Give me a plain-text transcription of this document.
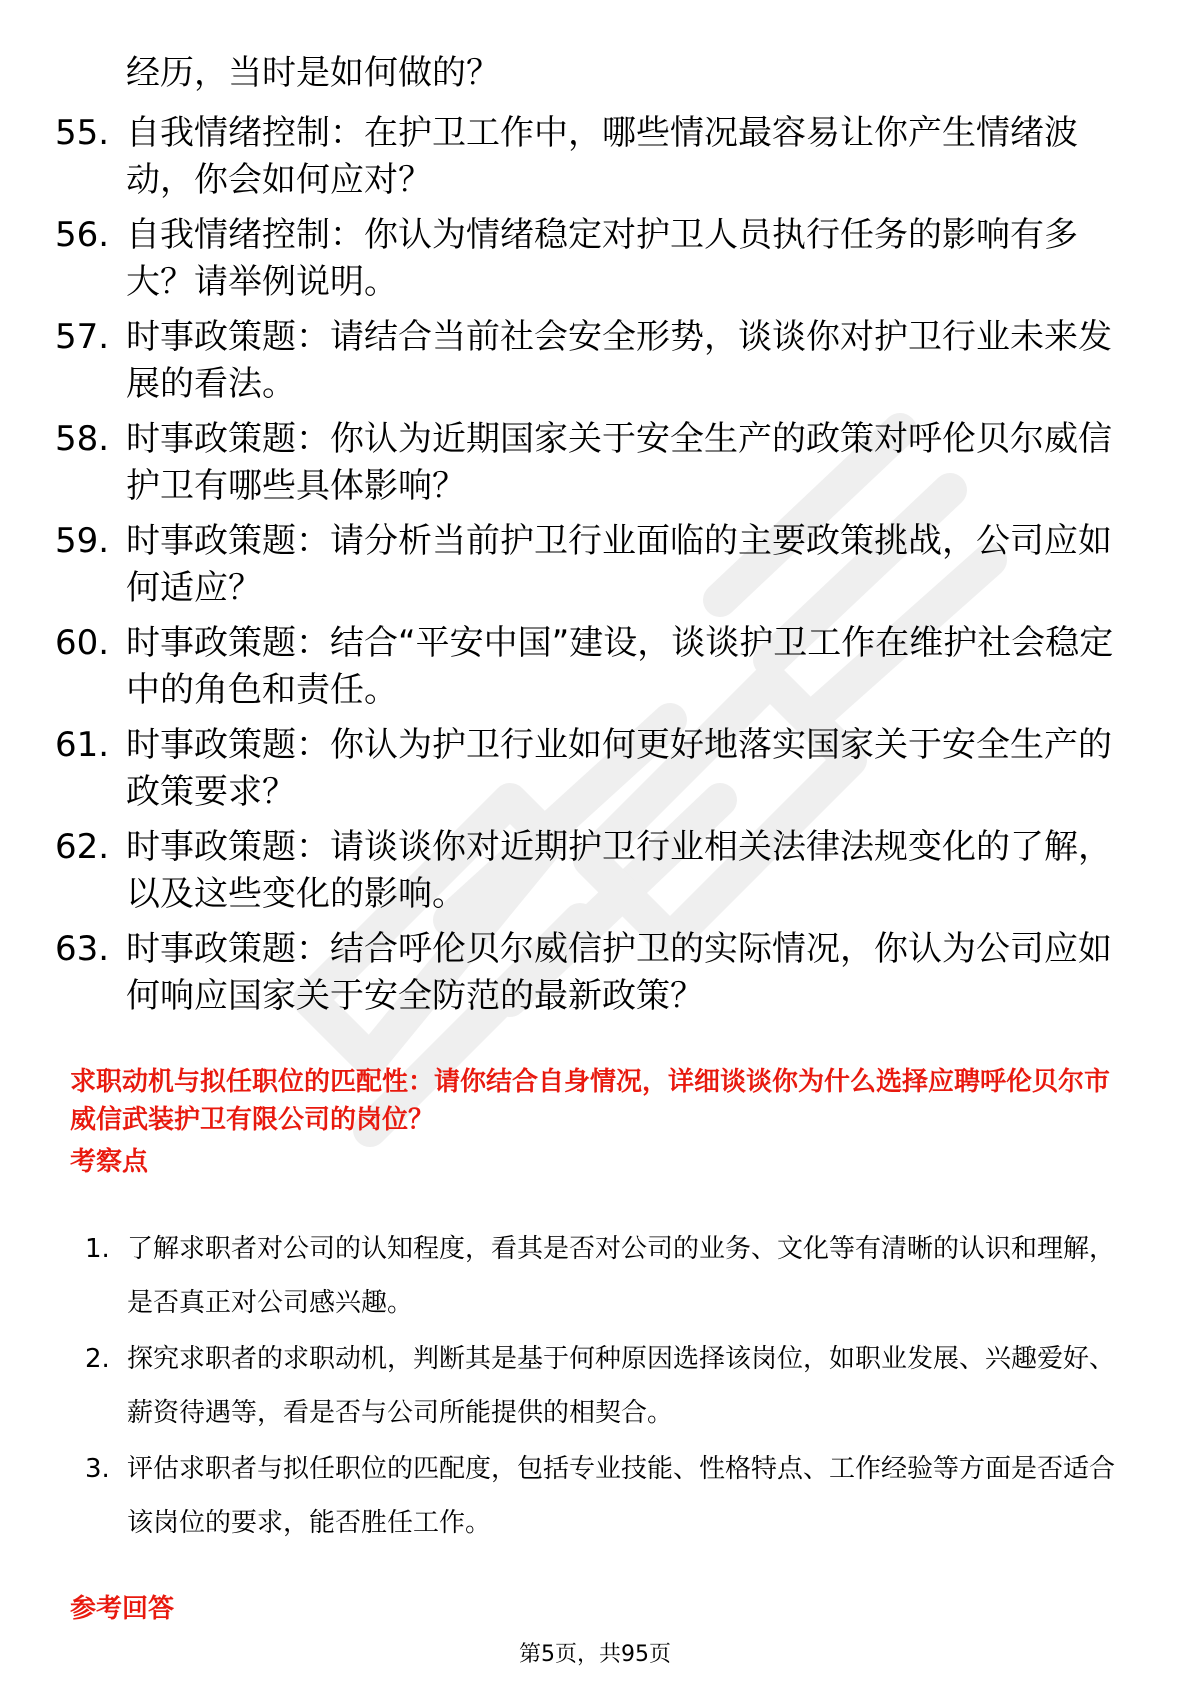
经历，当时是如何做的？
55. 自我情绪控制：在护卫工作中，哪些情况最容易让你产生情绪波动，你会如何应对？
56. 自我情绪控制：你认为情绪稳定对护卫人员执行任务的影响有多大？请举例说明。
57. 时事政策题：请结合当前社会安全形势，谈谈你对护卫行业未来发展的看法。
58. 时事政策题：你认为近期国家关于安全生产的政策对呼伦贝尔威信护卫有哪些具体影响？
59. 时事政策题：请分析当前护卫行业面临的主要政策挑战，公司应如何适应？
60. 时事政策题：结合“平安中国”建设，谈谈护卫工作在维护社会稳定中的角色和责任。
61. 时事政策题：你认为护卫行业如何更好地落实国家关于安全生产的政策要求？
62. 时事政策题：请谈谈你对近期护卫行业相关法律法规变化的了解，以及这些变化的影响。
63. 时事政策题：结合呼伦贝尔威信护卫的实际情况，你认为公司应如何响应国家关于安全防范的最新政策？
求职动机与拟任职位的匹配性：请你结合自身情况，详细谈谈你为什么选择应聘呼伦贝尔市威信武装护卫有限公司的岗位？
考察点
1. 了解求职者对公司的认知程度，看其是否对公司的业务、文化等有清晰的认识和理解，是否真正对公司感兴趣。
2. 探究求职者的求职动机，判断其是基于何种原因选择该岗位，如职业发展、兴趣爱好、薪资待遇等，看是否与公司所能提供的相契合。
3. 评估求职者与拟任职位的匹配度，包括专业技能、性格特点、工作经验等方面是否适合该岗位的要求，能否胜任工作。
参考回答
第5页，共95页
